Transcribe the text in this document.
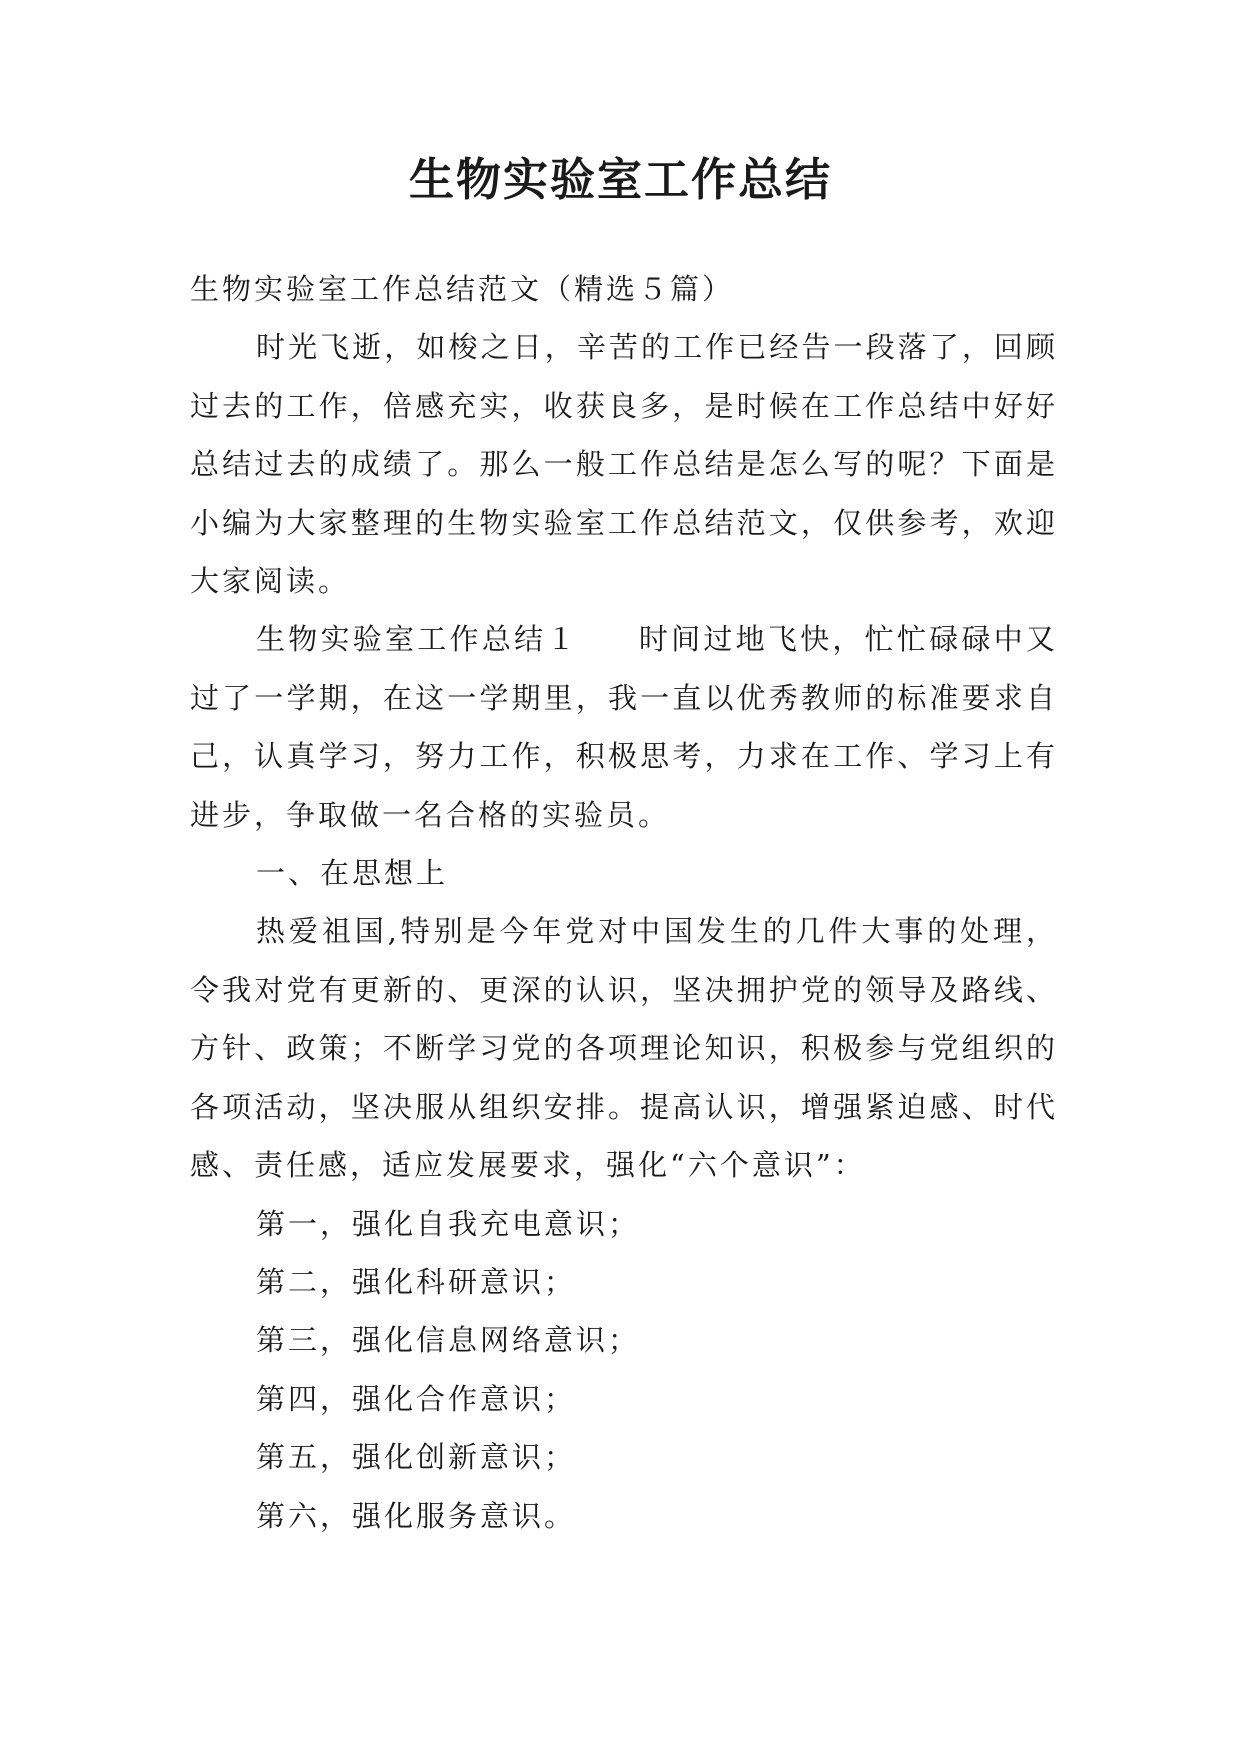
生物实验室工作总结

生物实验室工作总结范文（精选５篇）

时光飞逝，如梭之日，辛苦的工作已经告一段落了，回顾过去的工作，倍感充实，收获良多，是时候在工作总结中好好总结过去的成绩了。那么一般工作总结是怎么写的呢？下面是小编为大家整理的生物实验室工作总结范文，仅供参考，欢迎大家阅读。

生物实验室工作总结１ 时间过地飞快，忙忙碌碌中又过了一学期，在这一学期里，我一直以优秀教师的标准要求自己，认真学习，努力工作，积极思考，力求在工作、学习上有进步，争取做一名合格的实验员。

一、在思想上

热爱祖国,特别是今年党对中国发生的几件大事的处理，令我对党有更新的、更深的认识，坚决拥护党的领导及路线、方针、政策；不断学习党的各项理论知识，积极参与党组织的各项活动，坚决服从组织安排。提高认识，增强紧迫感、时代感、责任感，适应发展要求，强化“六个意识”：

第一，强化自我充电意识；

第二，强化科研意识；

第三，强化信息网络意识；

第四，强化合作意识；

第五，强化创新意识；

第六，强化服务意识。
